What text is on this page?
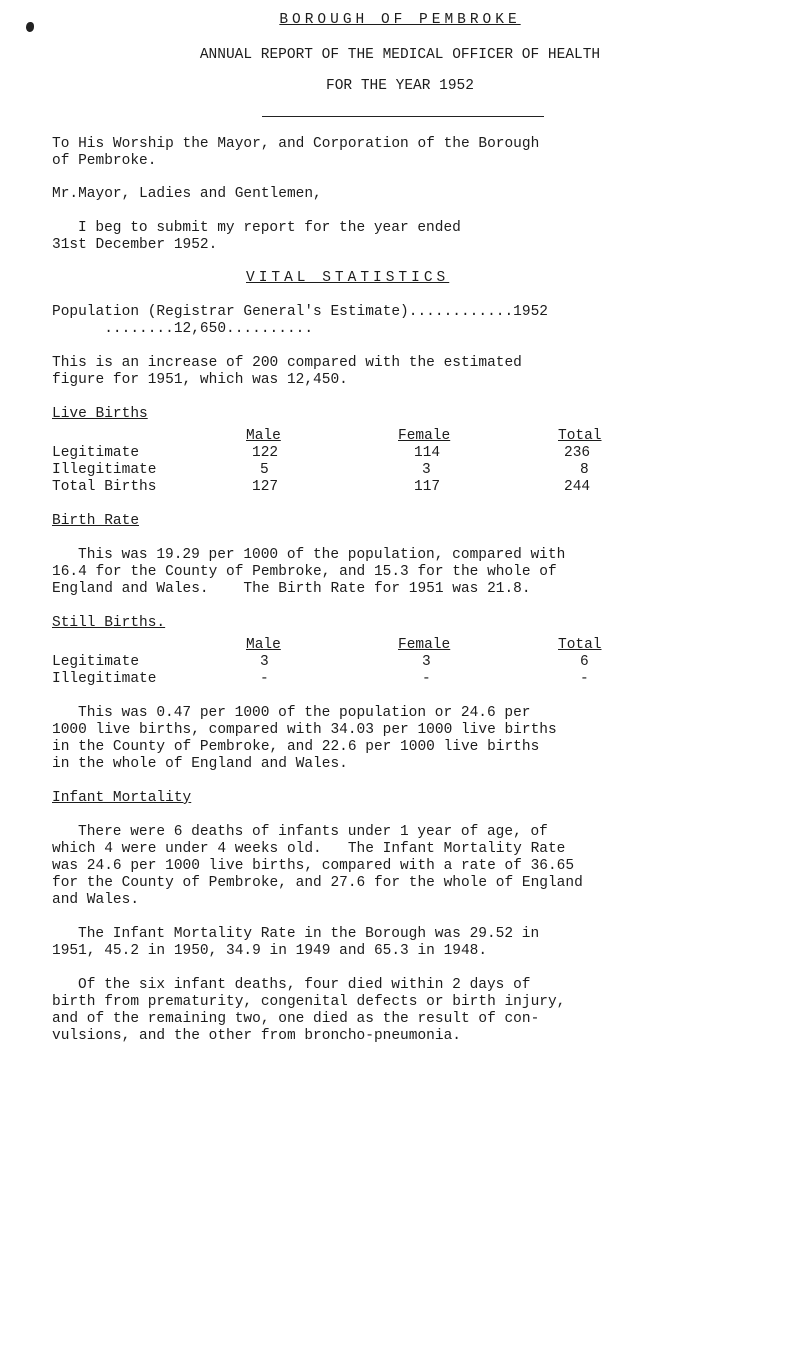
BOROUGH OF PEMBROKE
ANNUAL REPORT OF THE MEDICAL OFFICER OF HEALTH
FOR THE YEAR 1952
To His Worship the Mayor, and Corporation of the Borough
of Pembroke.
Mr.Mayor, Ladies and Gentlemen,
I beg to submit my report for the year ended
31st December 1952.
VITAL STATISTICS
Population (Registrar General's Estimate)............1952
........12,650..........
This is an increase of 200 compared with the estimated
figure for 1951, which was 12,450.
Live Births
Male	Female	Total
Legitimate	122	114	236
Illegitimate	5	3	8
Total Births	127	117	244
Birth Rate
This was 19.29 per 1000 of the population, compared with
16.4 for the County of Pembroke, and 15.3 for the whole of
England and Wales.    The Birth Rate for 1951 was 21.8.
Still Births.
Male	Female	Total
Legitimate	3	3	6
Illegitimate	-	-	-
This was 0.47 per 1000 of the population or 24.6 per
1000 live births, compared with 34.03 per 1000 live births
in the County of Pembroke, and 22.6 per 1000 live births
in the whole of England and Wales.
Infant Mortality
There were 6 deaths of infants under 1 year of age, of
which 4 were under 4 weeks old.   The Infant Mortality Rate
was 24.6 per 1000 live births, compared with a rate of 36.65
for the County of Pembroke, and 27.6 for the whole of England
and Wales.
The Infant Mortality Rate in the Borough was 29.52 in
1951, 45.2 in 1950, 34.9 in 1949 and 65.3 in 1948.
Of the six infant deaths, four died within 2 days of
birth from prematurity, congenital defects or birth injury,
and of the remaining two, one died as the result of con-
vulsions, and the other from broncho-pneumonia.
